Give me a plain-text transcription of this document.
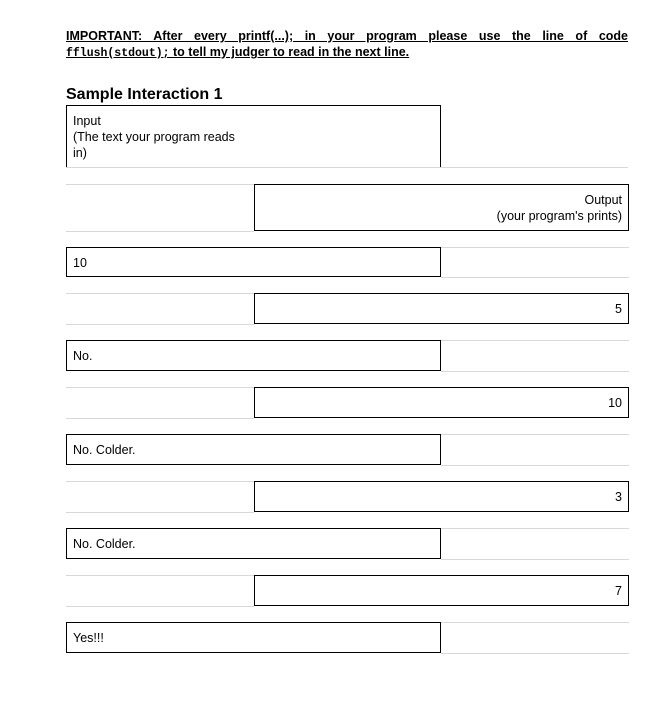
IMPORTANT: After every printf(...); in your program please use the line of code
fflush(stdout); to tell my judger to read in the next line.
Sample Interaction 1
Input
(The text your program reads
in)
Output
(your program's prints)
10
5
No.
10
No. Colder.
3
No. Colder.
7
Yes!!!
